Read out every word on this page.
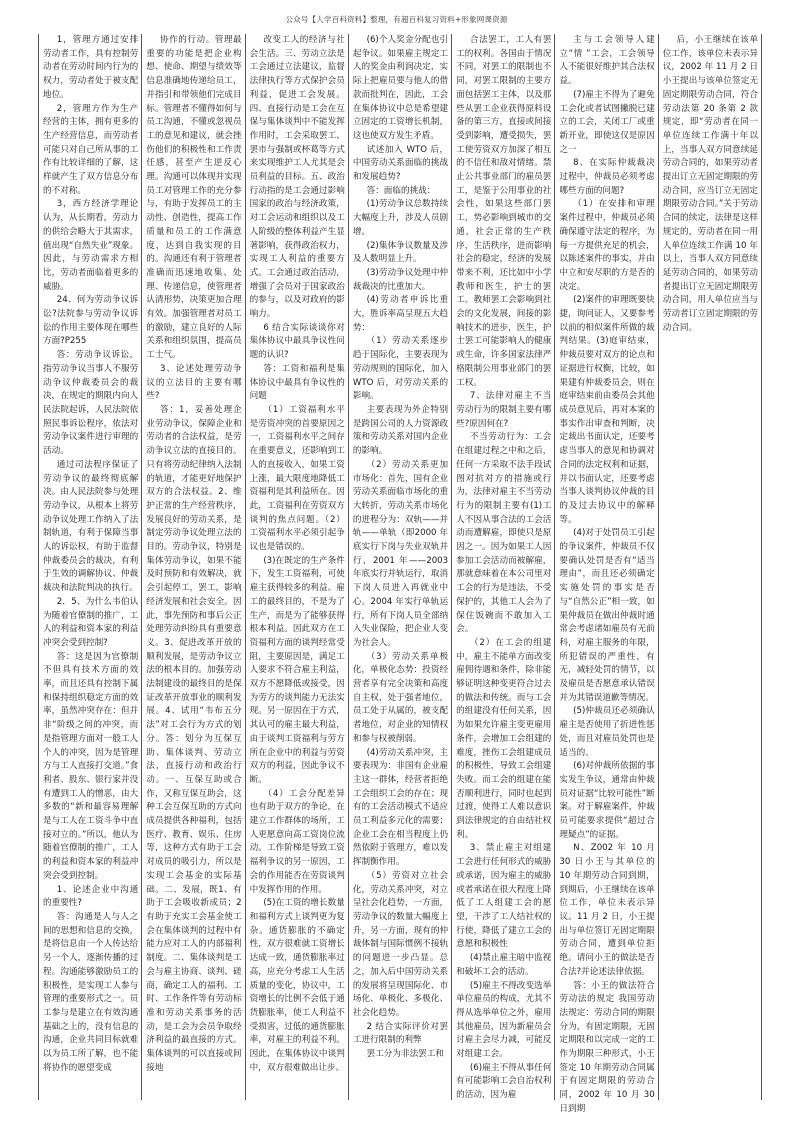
公众号【人学百科资料】整理，有超百科复习资料+形象网课资源

1，管理方通过安排劳动者工作，具有控制劳动者在劳动时间内行为的权力，劳动者处于被支配地位。

2，管理方作为生产经营的主体，拥有更多的生产经营信息，而劳动者可能只对自己所从事的工作有比较详细的了解，这样就产生了双方信息分布的不对称。

3，西方经济学理论认为，从长期看，劳动力的供给会略大于其需求，值出现“自然失业”现象。因此，与劳动需求方相比，劳动者面临着更多的威胁。

24、何为劳动争议诉讼?法院参与劳动争议诉讼的作用主要体现在哪些方面?P255

答：劳动争议诉讼，指劳动争议当事人不服劳动争议仲裁委员会的裁决，在规定的期限内向人民法院起诉，人民法院依照民事诉讼程序，依法对劳动争议案件进行审理的活动。

通过司法程序保证了劳动争议的最终彻底解决。由人民法院参与处理劳动争议，从根本上将劳动争议处理工作纳入了法制轨道，有利于保障当事人的诉讼权，有助于监督仲裁委员会的裁决，有利于生效的调解协议、仲裁裁决和法院判决的执行。

2．5、为什么韦伯认为随着官僚制的推广，工人的利益和资本家的利益冲突会受到控制?

答：这是因为官僚制不但具有技术方面的效率，而且还具有控制下属和保持组织稳定方面的效率，虽然冲突存在：但并非“阶级之间的冲突，而是指管理方面对一般工人个人的冲突，因为是管理方与工人直接打交道。”食利者、股东、银行家并没有遭到工人的憎恶，由大多数的“新和最容易理解是与工人在工资斗争中直接对立的。”所以，他认为随着官僚制的推广，工人的利益和资本家的利益冲突会受到控制。

1、论述企业中沟通的重要性?

答：沟通是人与人之间的思想和信息的交换，是将信息由一个人传达给另一个人，逐渐传播的过程。沟通能够激励员工的积极性，是实现工人参与管理的重要形式之一。员工参与是建立在有效沟通基础之上的，没有信息的沟通，企业共同目标就难以为员工所了解，也不能将协作的愿望变成

协作的行动。管理最重要的功能是把企业构想、使命、期望与绩效等信息准确地传递给员工，并指引和带领他们完成目标。管理者不懂得如何与员工沟通，不懂或忽视员工的意见和建议，就会挫伤他们的积极性和工作责任感，甚至产生逆反心理。沟通可以体现并实现员工对管理工作的充分参与，有助于发挥员工的主动性、创造性，提高工作质量和员工的工作满意度，达到自我实现的目的。沟通还有利于管理者准确而迅速地收集、处理、传递信息，使管理者认清形势，决策更加合理有效。加强管理者对员工的激励，建立良好的人际关系和组织氛围，提高员工士气。

3、论述处理劳动争议的立法目的主要有哪些?

答：1，妥善处理企业劳动争议，保障企业和劳动者的合法权益，是劳动争议立法的直接目的。只有将劳动纪律纳入法制的轨道，才能更好地保护双方的合法权益。2、维护正常的生产经营秩序，发展良好的劳动关系，是制定劳动争议处理立法的目的。劳动争议，特别是集体劳动争议，如果不能及时预防和有效解决，就会引起停工，罢工，影响经济发展和社会安全。因此，事先预防和事后公正处理劳动纠纷具有重要意义。3、促进改革开放的顺利发展，是劳动争议立法的根本目的。加强劳动法制建设的最终目的是保证改革开放事业的顺利发展。4、试用“韦布五分法”对工会行为方式的划分。答：划分为互保互助、集体谈判、劳动立法，直接行动和政治行动。一、互保互助或合作，又称互保互助会，这种工会互保互助的方式向成员提供各种福利，包括医疗、教育、娱乐、住房等，这种方式有助于工会对成员的吸引力，所以是实现工会基金的实际基础。二、发展，既1、有助于工会吸收新成员；2有助于充实工会基金使工会在集体谈判的过程中有能力应对工人的内部福利制度。二、集体谈判是工会与雇主协商、谈判、磋商，确定工人的福利、工时、工作条件等有劳动标准和劳动关系事务的活动，是工会为会员争取经济利益的最直接的方式。集体谈判的可以直接或间接地

改变工人的经济与社会生活。三、劳动立法是工会通过立法建议，监督法律执行等方式保护会员利益，促进工会发展。四、直接行动是工会在互保与集体谈判中不能发挥作用时，工会采取罢工、罢市与强制或杯葛等方式来实现维护工人尤其是会员利益的目标。五、政治行动指的是工会通过影响国家的政治与经济政策，对工会运动和组织以及工人阶级的整体利益产生显著影响，获得政治权力，实现工人利益的重要方式。工会通过政治活动，增强了会员对于国家政治的参与，以及对政府的影响力。

6 结合实际谈谈你对集体协议中最具争议性问题的认识?

答：工资和福利是集体协议中最具有争议性的问题

（1）工资福利水平是劳资冲突的首要原因之一，工资福利水平之间存在重要意义，还影响到工人的直接收入，如果工资上涨，最大限度地降低工资福利是其利益所在。因此，工资福利在劳资双方谈判的焦点问题。（2）工资福利水平必须引起争议也是错误的。

(3)在既定的生产条件下，发生工资福利，可使雇主获得较多的利益。雇工的最终目的，不是为了生产，而是为了能够获得根本利益。因此双方在工资福利方面的谈判经常受阻，主要原因是，满足工人要求不符合雇主利益，双方不愿降低或接受，因为劳方的谈判能力无法实现。另一原因在于方式，其认可的雇主最大利益，由于谈判工资福利与劳方所在企业中的利益与劳资双方的利益，因此争议不断。

（4）工会分配差异也有助于双方的争论，在建立工作群体的场所，工人更愿意向高工资岗位流动。工作阶梯是导致工资福利争议的另一原因，工会的作用能否在劳资谈判中发挥作用的作用。

(5)在工资的增长数量和福利方式上谈判更为复杂。通货膨胀的不确定性，双方很难就工资增长达成一致，通货膨胀率过高，应充分考虑工人生活质量的变化，协议中，工资增长的比例不会低于通货膨胀率，使工人利益不受损害，过低的通货膨胀率，对雇主的利益不利。因此，在集体协议中谈判中，双方很难做出让步。

(6)个人奖金分配也引起争议。如果雇主规定工人的奖金由利润决定，实际上把雇员要与他人的借款而批判在，因此，工会在集体协议中总是希望建立固定的工资增长机制，这也使双方发生矛盾。

试述加入 WTO 后，中国劳动关系面临的挑战和发展趋势?

答：面临的挑战：

(1)劳动争议总数持续大幅度上升，涉及人员剧增。

(2)集体争议数量及涉及人数明显上升。

(3)劳动争议处理中仲裁裁决的比重加大。

(4)劳动者申诉比重大，胜诉率高呈现五大趋势：

（1）劳动关系逐步趋于国际化，主要表现为劳动规则的国际化，加入 WTO 后，对劳动关系的影响。

主要表现为外企特别是跨国公司的人力资源政策和劳动关系对国内企业的影响。

（2）劳动关系更加市场化：首先，国有企业劳动关系面临市场化的重大转折，劳动关系市场化的进程分为：双轨——并轨——单轨（即2000 年底实行下岗与失业双轨并行，2001 年——2003 年底实行并轨运行，取消下岗人员进入再就业中心。2004 年实行单轨运行，所有下岗人员全部纳入失业保险，把企业人变为社会人。

（3）劳动关系单极化，单极化态势：投资经营者享有完全决策和高度自主权，处于强者地位，员工处于从属的，被支配者地位，对企业的知情权和参与权被削弱。

(4)劳动关系冲突，主要表现为：非国有企业雇主这一群体，经营者拒绝工会组织工会的存在；现有的工会活动模式不适应员工利益多元化的需要；企业工会在相当程度上仍然依附于管理方，难以发挥制衡作用。

（5）劳资对立社会化，劳动关系冲突，对立呈社会化趋势，一方面，劳动争议的数量大幅度上升，另一方面，现有的仲裁体制与国际惯例不接轨的问题进一步凸显。总之，加入后中国劳动关系的发展将呈现国际化、市场化、单极化、多极化、社会化趋势。

2 结合实际评价对罢工进行限制的利弊

罢工分为非法罢工和

合法罢工，工人有罢工的权利。各国由于情况不同，对罢工的限制也不同，对罢工限制的主要方面包括罢工主体，以及那些从罢工企业获得原料设备的第三方，直接或间接受到影响，遭受损失，罢工使劳资双方加深了相互的不信任和敌对情绪。禁止公共事业部门的雇员罢工，是鉴于公用事业的社会性，如果这些部门罢工，势必影响到城市的交通，社会正常的生产秩序，生活秩序，进而影响社会的稳定，经济的发展带来不利，还比如中小学教师和医生，护士的罢工。教师罢工会影响到社会的文化发展，间接的影响技术的进步，医生，护士罢工可能影响人的健康或生命，许多国家法律严格限制公用事业部门的罢工权。

7、法律对雇主不当劳动行为的限制主要有哪些?原因何在?

不当劳动行为：工会在组建过程之中和之后，任何一方采取不法手段试图对抗对方的措施或行为，法律对雇主不当劳动行为的限制主要有(1)工人不因从事合法的工会活动而遭解雇，即使只是原因之一。因为如果工人因参加工会活动而被解雇，那就意味着在本公司里对工会的行为是违法，不受保护的，其他工人会为了保住饭碗而不敢加入工会。

（2）在工会的组建中，雇主不能单方面改变雇佣待遇和条件，除非能够证明这种变更符合过去的做法和传统。而与工会的组建没有任何关系，因为如果允许雇主变更雇用条件，会增加工会组建的难度，挫伤工会组建成员的积极性，导致工会组建失败。而工会的组建在能否顺利进行，同时也起到过渡，使得工人难以意识到法律规定的自由结社权利。

3、禁止雇主对组建工会进行任何形式的威胁或承诺，因为雇主的威胁或者承诺在很大程度上降低了工人组建工会的愿望，干涉了工人结社权的行使，降低了建立工会的意愿和积极性

(4)禁止雇主暗中监视和破坏工会的活动。

(5)雇主不得改变选举单位雇员的构成，尤其不得从选举单位之外，雇用其他雇员，因为新雇员会讨雇主会尽力减，可能反对组建工会。

(6)雇主不得从事任何有可能影响工会自治权利的活动，因为雇

主与工会领导人建立“情 ”工会，工会领导人不能很好维护其合法权益。

(7)雇主不得为了避免工会化或者试图撇脱已建立的工会，关闭工厂或重新开业，即使这仅是原因之一

8、在实际仲裁裁决过程中，仲裁员必须考虑哪些方面的问题?

（1）在安排和审理案件过程中，仲裁员必须确保遵守法定的程序，为每一方提供充足的机会，以陈述案件的事实，并由中立和安尽职的方是否的决定。

(2)案件的审理既要快捷，询问证人，又要参考以前的相似案件所做的裁判结果。(3)庭审结束，仲裁员要对双方的论点和证据进行权衡，比较，如果建有仲裁委员会，则在庭审结束前由委员会其他成员意见后，再对本案的事实作出审查和判断，决定裁出书面认定，还要考虑当事人的意见和协调对合同的法定权利和证据，并以书面认定，还要考虑当事人谈判协议仲裁的目的及过去协议中的解释等。

(4)对于处罚员工引起的争议案件，仲裁员不仅要确认处罚是否有“适当理由”，而且还必须确定实施处罚的事实是否与“自然公正”相一致，如果仲裁员在做出仲裁时通常会考虑诸如雇员有无前科，对雇主服务的年限，所犯错误的严重性，有无，减轻处罚的情节，以及雇员是否愿意承认错误并为其错误道歉等情况。

(5)仲裁员还必须确认雇主是否使用了折进性惩处，而且对雇员处罚也是适当的。

(6)对仲裁所依据的事实发生争议，通常由仲裁员对证据“比较可能性”断案。对于解雇案件，仲裁员可能要求提供“超过合理疑点”的证据。

N、Z002 年 10 月 30 日小王与其单位的 10 年期劳动合同到期，到期后，小王继续在该单位工作，单位未表示异议。11 月 2 日，小王提出与单位签订无固定期限劳动合同，遭到单位拒绝。请问小王的做法是否合法?并论述法律依据。

答：小王的做法符合劳动法的规定 我国劳动法规定：劳动合同的期限分为，有固定期限，无固定期限和以完成一定的工作为期限三种形式，小王签定 10 年期劳动合同属于有固定期限的劳动合同，2002 年 10 月 30 日到期

后，小王继续在该单位工作，该单位未表示异议，2002 年 11 月 2 日小王提出与该单位签定无固定期限劳动合同，符合劳动法第 20 条第 2 款规定，即“劳动者在同一单位连续工作满十年以上，当事人双方同意续延劳动合同的，如果劳动者提出订立无固定期限的劳动合同，应当订立无固定期限劳动合同。”关于劳动合同的续定，法律是这样规定的，劳动者在同一用人单位连续工作满 10 年以上，当事人双方同意续延劳动合同的，如果劳动者提出订立无固定期限劳动合同，用人单位应当与劳动者订立固定期限的劳动合同。
